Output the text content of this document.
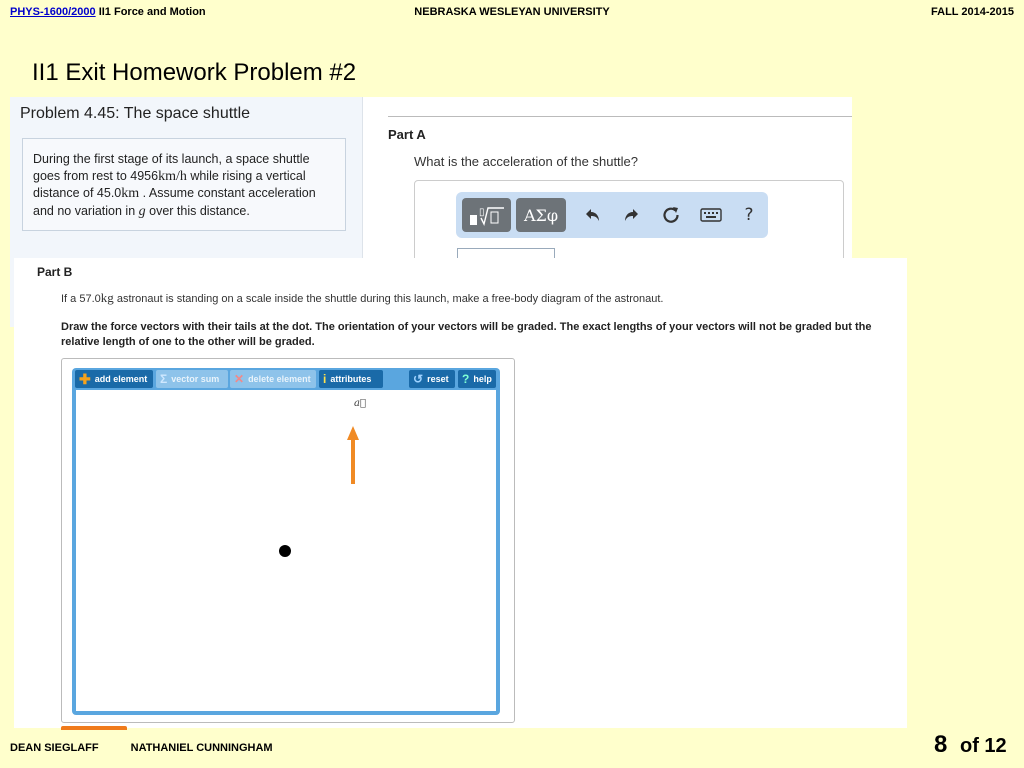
PHYS-1600/2000 II1 Force and Motion	NEBRASKA WESLEYAN UNIVERSITY	FALL 2014-2015
II1 Exit Homework Problem #2
Problem 4.45: The space shuttle
During the first stage of its launch, a space shuttle goes from rest to 4956km/h while rising a vertical distance of 45.0km . Assume constant acceleration and no variation in g over this distance.
Part A
What is the acceleration of the shuttle?
▯	ΑΣφ	?
Part B
If a 57.0kg astronaut is standing on a scale inside the shuttle during this launch, make a free-body diagram of the astronaut.
Draw the force vectors with their tails at the dot. The orientation of your vectors will be graded. The exact lengths of your vectors will not be graded but the relative length of one to the other will be graded.
✚ add element Σ vector sum ✕ delete element i attributes	↺ reset ? help
a⃗
DEAN SIEGLAFF	NATHANIEL CUNNINGHAM	8 of 12
